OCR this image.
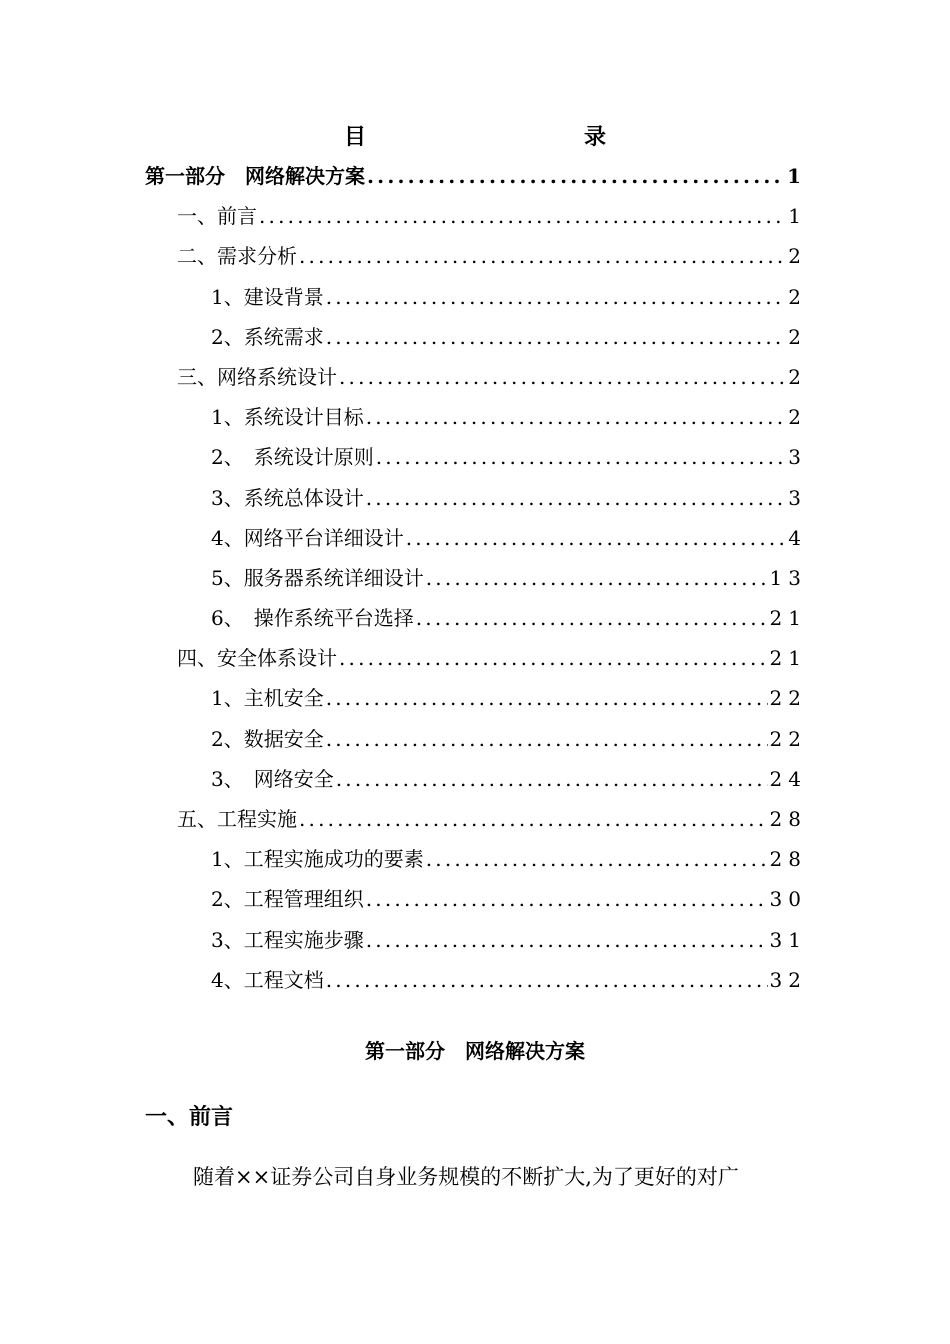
目　　录
第一部分　网络解决方案 .....	1
一、前言 .....	1
二、需求分析 .....	2
1、建设背景 .....	2
2、系统需求 .....	2
三、网络系统设计 .....	2
1、系统设计目标 .....	2
2、　系统设计原则 .....	3
3、系统总体设计 .....	3
4、网络平台详细设计 .....	4
5、服务器系统详细设计 .....	13
6、　操作系统平台选择 .....	21
四、安全体系设计 .....	21
1、主机安全 .....	22
2、数据安全 .....	22
3、　网络安全 .....	24
五、工程实施 .....	28
1、工程实施成功的要素 .....	28
2、工程管理组织 .....	30
3、工程实施步骤 .....	31
4、工程文档 .....	32
第一部分　网络解决方案
一、前言

随着××证券公司自身业务规模的不断扩大,为了更好的对广
